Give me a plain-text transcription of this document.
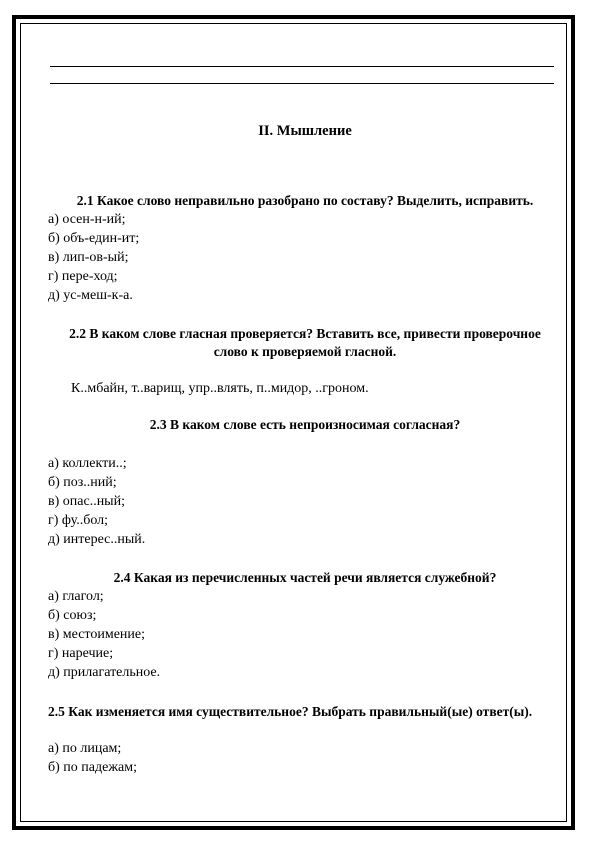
II. Мышление
2.1 Какое слово неправильно разобрано по составу? Выделить, исправить.
а) осен-н-ий;
б) объ-един-ит;
в) лип-ов-ый;
г) пере-ход;
д) ус-меш-к-а.
2.2 В каком слове гласная проверяется? Вставить все, привести проверочное
слово к проверяемой гласной.
К..мбайн, т..варищ, упр..влять, п..мидор, ..гроном.
2.3 В каком слове есть непроизносимая согласная?
а) коллекти..;
б) поз..ний;
в) опас..ный;
г) фу..бол;
д) интерес..ный.
2.4 Какая из перечисленных частей речи является служебной?
а) глагол;
б) союз;
в) местоимение;
г) наречие;
д) прилагательное.
2.5 Как изменяется имя существительное? Выбрать правильный(ые) ответ(ы).
а) по лицам;
б) по падежам;
